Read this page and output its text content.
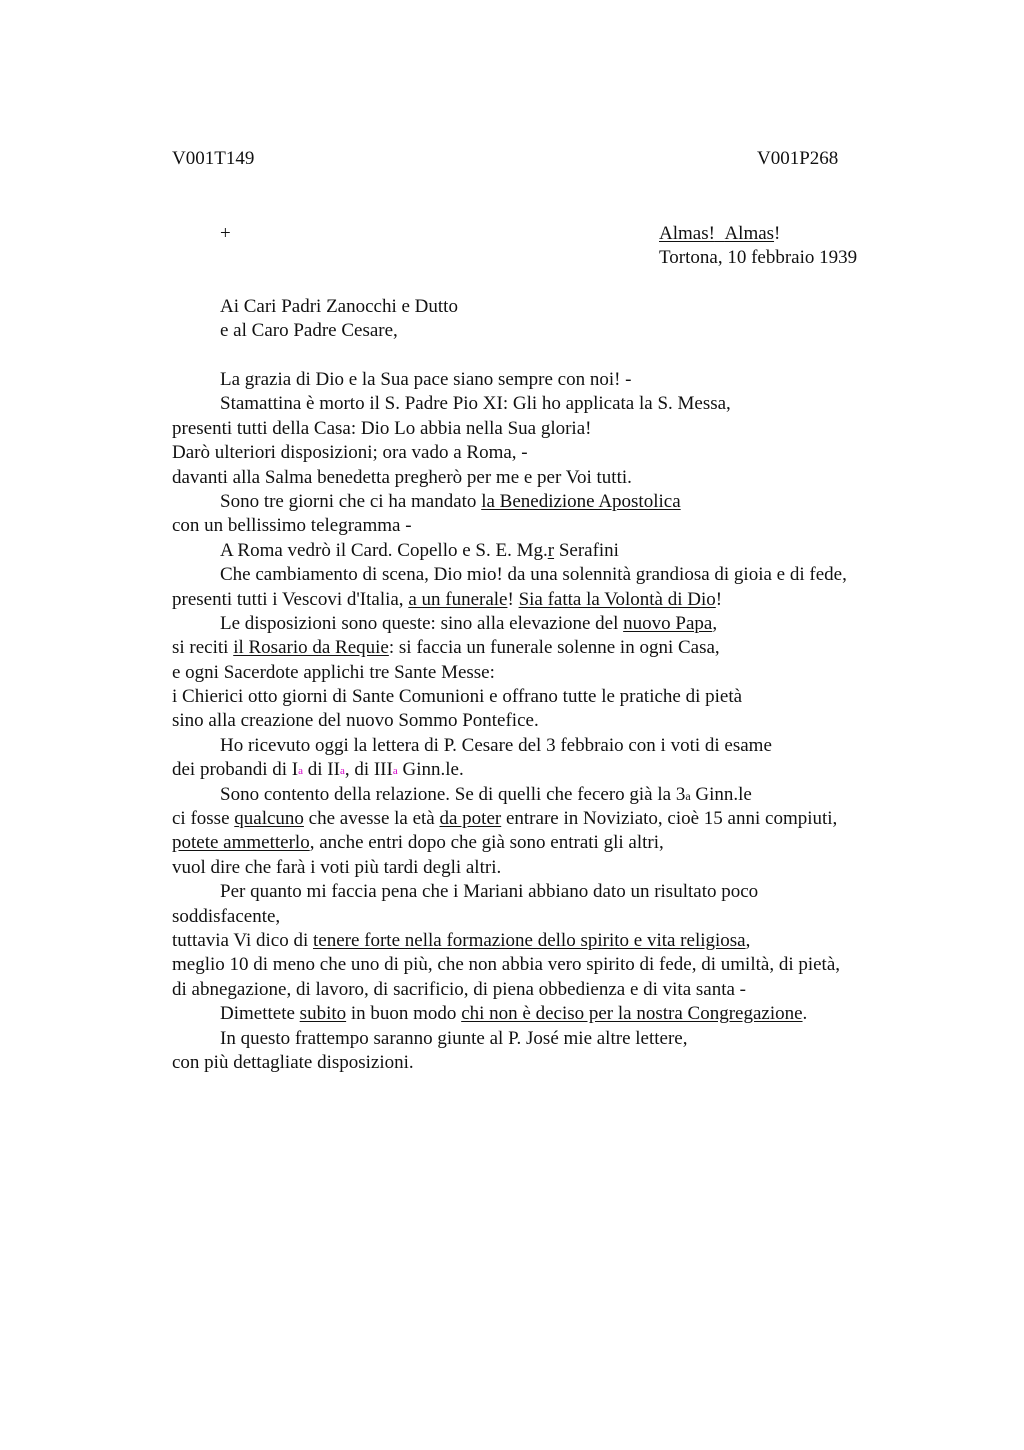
V001T149	V001P268
+	Almas! Almas!
Tortona, 10 febbraio 1939
Ai Cari Padri Zanocchi e Dutto
e al Caro Padre Cesare,
La grazia di Dio e la Sua pace siano sempre con noi! -
Stamattina è morto il S. Padre Pio XI: Gli ho applicata la S. Messa,
presenti tutti della Casa: Dio Lo abbia nella Sua gloria!
Darò ulteriori disposizioni; ora vado a Roma, -
davanti alla Salma benedetta pregherò per me e per Voi tutti.
Sono tre giorni che ci ha mandato la Benedizione Apostolica
con un bellissimo telegramma -
A Roma vedrò il Card. Copello e S. E. Mg.r Serafini
Che cambiamento di scena, Dio mio! da una solennità grandiosa di gioia e di fede,
presenti tutti i Vescovi d'Italia, a un funerale! Sia fatta la Volontà di Dio!
Le disposizioni sono queste: sino alla elevazione del nuovo Papa,
si reciti il Rosario da Requie: si faccia un funerale solenne in ogni Casa,
e ogni Sacerdote applichi tre Sante Messe:
i Chierici otto giorni di Sante Comunioni e offrano tutte le pratiche di pietà
sino alla creazione del nuovo Sommo Pontefice.
Ho ricevuto oggi la lettera di P. Cesare del 3 febbraio con i voti di esame
dei probandi di $I^a$ di $II^a$, di III$^a$ Ginn.le.
Sono contento della relazione. Se di quelli che fecero già la 3$^a$ Ginn.le
ci fosse qualcuno che avesse la età da poter entrare in Noviziato, cioè 15 anni compiuti,
potete ammetterlo, anche entri dopo che già sono entrati gli altri,
vuol dire che farà i voti più tardi degli altri.
Per quanto mi faccia pena che i Mariani abbiano dato un risultato poco
soddisfacente,
tuttavia Vi dico di tenere forte nella formazione dello spirito e vita religiosa,
meglio 10 di meno che uno di più, che non abbia vero spirito di fede, di umiltà, di pietà,
di abnegazione, di lavoro, di sacrificio, di piena obbedienza e di vita santa -
Dimettete subito in buon modo chi non è deciso per la nostra Congregazione.
In questo frattempo saranno giunte al P. José mie altre lettere,
con più dettagliate disposizioni.
